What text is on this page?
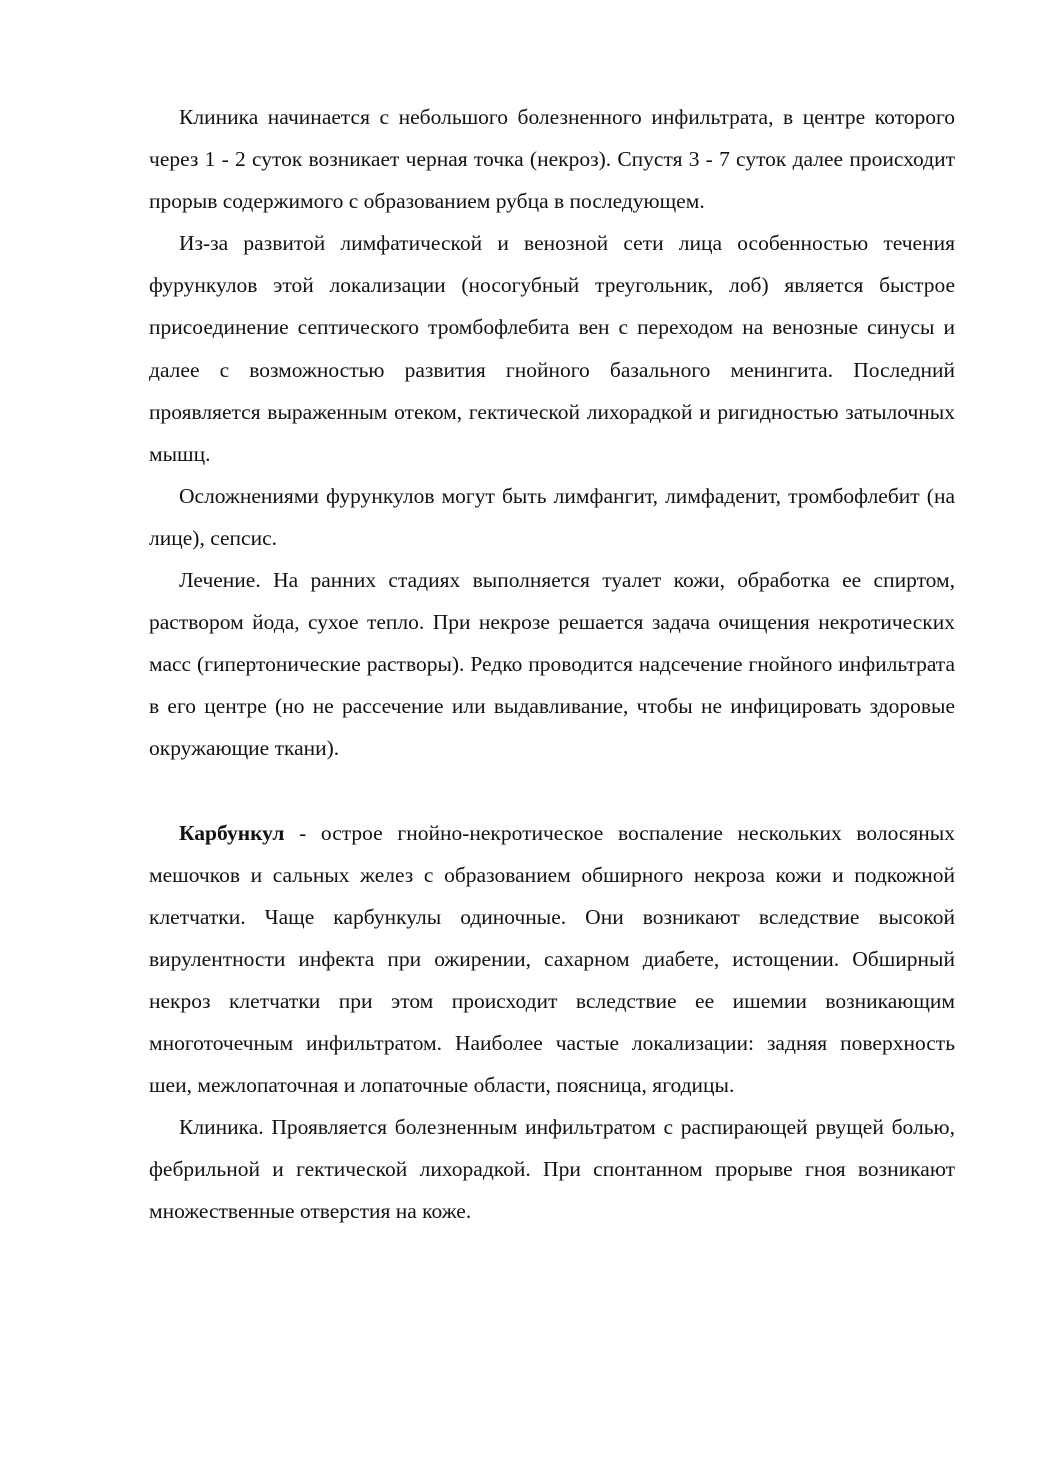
Клиника начинается с небольшого болезненного инфильтрата, в центре которого через 1 - 2 суток возникает черная точка (некроз). Спустя 3 - 7 суток далее происходит прорыв содержимого с образованием рубца в последующем.

Из-за развитой лимфатической и венозной сети лица особенностью течения фурункулов этой локализации (носогубный треугольник, лоб) является быстрое присоединение септического тромбофлебита вен с переходом на венозные синусы и далее с возможностью развития гнойного базального менингита. Последний проявляется выраженным отеком, гектической лихорадкой и ригидностью затылочных мышц.

Осложнениями фурункулов могут быть лимфангит, лимфаденит, тромбофлебит (на лице), сепсис.

Лечение. На ранних стадиях выполняется туалет кожи, обработка ее спиртом, раствором йода, сухое тепло. При некрозе решается задача очищения некротических масс (гипертонические растворы). Редко проводится надсечение гнойного инфильтрата в его центре (но не рассечение или выдавливание, чтобы не инфицировать здоровые окружающие ткани).

Карбункул - острое гнойно-некротическое воспаление нескольких волосяных мешочков и сальных желез с образованием обширного некроза кожи и подкожной клетчатки. Чаще карбункулы одиночные. Они возникают вследствие высокой вирулентности инфекта при ожирении, сахарном диабете, истощении. Обширный некроз клетчатки при этом происходит вследствие ее ишемии возникающим многоточечным инфильтратом. Наиболее частые локализации: задняя поверхность шеи, межлопаточная и лопаточные области, поясница, ягодицы.

Клиника. Проявляется болезненным инфильтратом с распирающей рвущей болью, фебрильной и гектической лихорадкой. При спонтанном прорыве гноя возникают множественные отверстия на коже.
